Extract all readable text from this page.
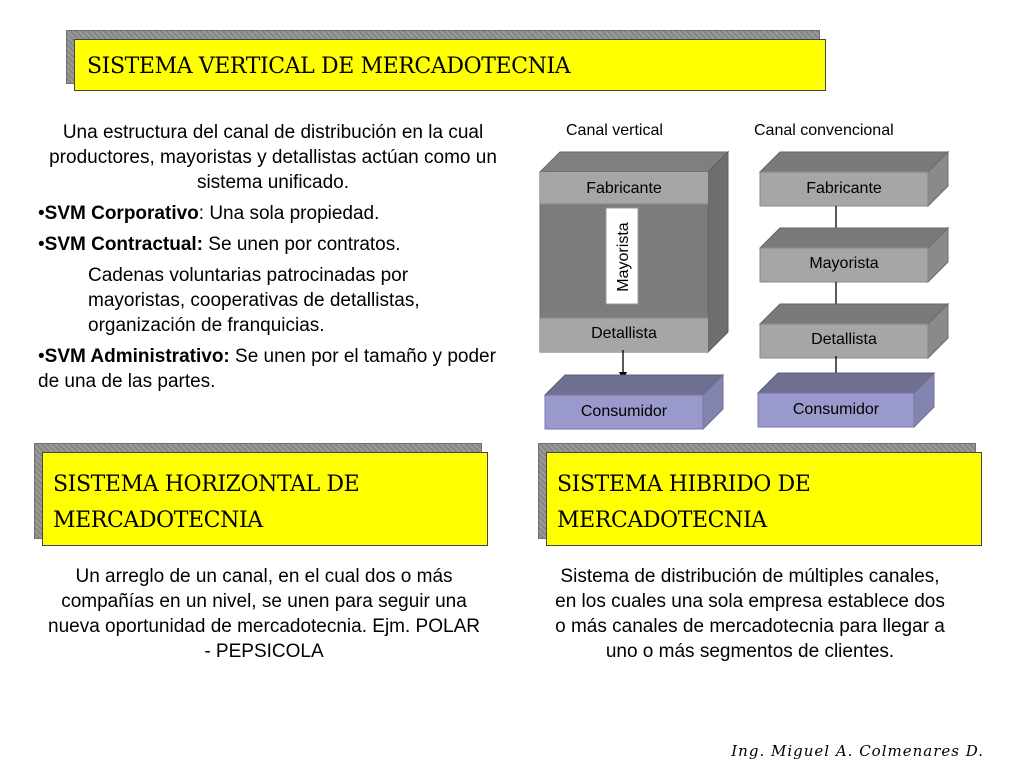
SISTEMA VERTICAL DE MERCADOTECNIA
Una estructura del canal de distribución en la cual productores, mayoristas y detallistas actúan como un sistema unificado.
•SVM Corporativo: Una sola propiedad.
•SVM Contractual: Se unen por contratos.
Cadenas voluntarias patrocinadas por mayoristas, cooperativas de detallistas, organización de franquicias.
•SVM Administrativo: Se unen por el tamaño y poder de una de las partes.
Canal vertical	Canal convencional
Fabricante
Mayorista
Detallista
Consumidor
Fabricante
Mayorista
Detallista
Consumidor
SISTEMA HORIZONTAL DE
MERCADOTECNIA
Un arreglo de un canal, en el cual dos o más compañías en un nivel, se unen para seguir una nueva oportunidad de mercadotecnia. Ejm. POLAR - PEPSICOLA
SISTEMA HIBRIDO DE
MERCADOTECNIA
Sistema de distribución de múltiples canales, en los cuales una sola empresa establece dos o más canales de mercadotecnia para llegar a uno o más segmentos de clientes.
Ing. Miguel A. Colmenares D.
